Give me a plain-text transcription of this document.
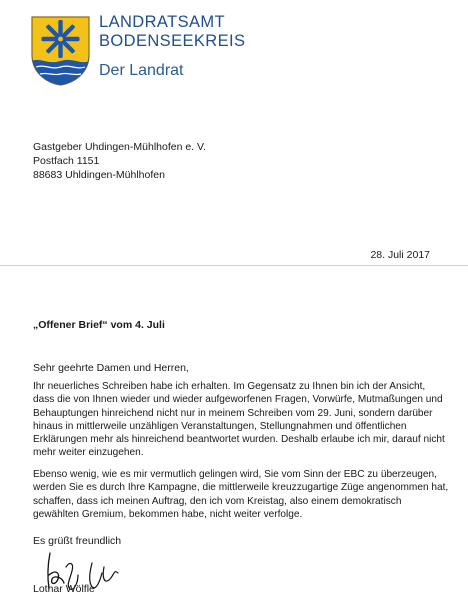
LANDRATSAMT
BODENSEEKREIS
Der Landrat
Gastgeber Uhdingen-Mühlhofen e. V.
Postfach 1151
88683 Uhldingen-Mühlhofen
28. Juli 2017
„Offener Brief“ vom 4. Juli
Sehr geehrte Damen und Herren,
Ihr neuerliches Schreiben habe ich erhalten. Im Gegensatz zu Ihnen bin ich der Ansicht,
dass die von Ihnen wieder und wieder aufgeworfenen Fragen, Vorwürfe, Mutmaßungen und
Behauptungen hinreichend nicht nur in meinem Schreiben vom 29. Juni, sondern darüber
hinaus in mittlerweile unzähligen Veranstaltungen, Stellungnahmen und öffentlichen
Erklärungen mehr als hinreichend beantwortet wurden. Deshalb erlaube ich mir, darauf nicht
mehr weiter einzugehen.
Ebenso wenig, wie es mir vermutlich gelingen wird, Sie vom Sinn der EBC zu überzeugen,
werden Sie es durch Ihre Kampagne, die mittlerweile kreuzzugartige Züge angenommen hat,
schaffen, dass ich meinen Auftrag, den ich vom Kreistag, also einem demokratisch
gewählten Gremium, bekommen habe, nicht weiter verfolge.
Es grüßt freundlich
Lothar Wölfle
